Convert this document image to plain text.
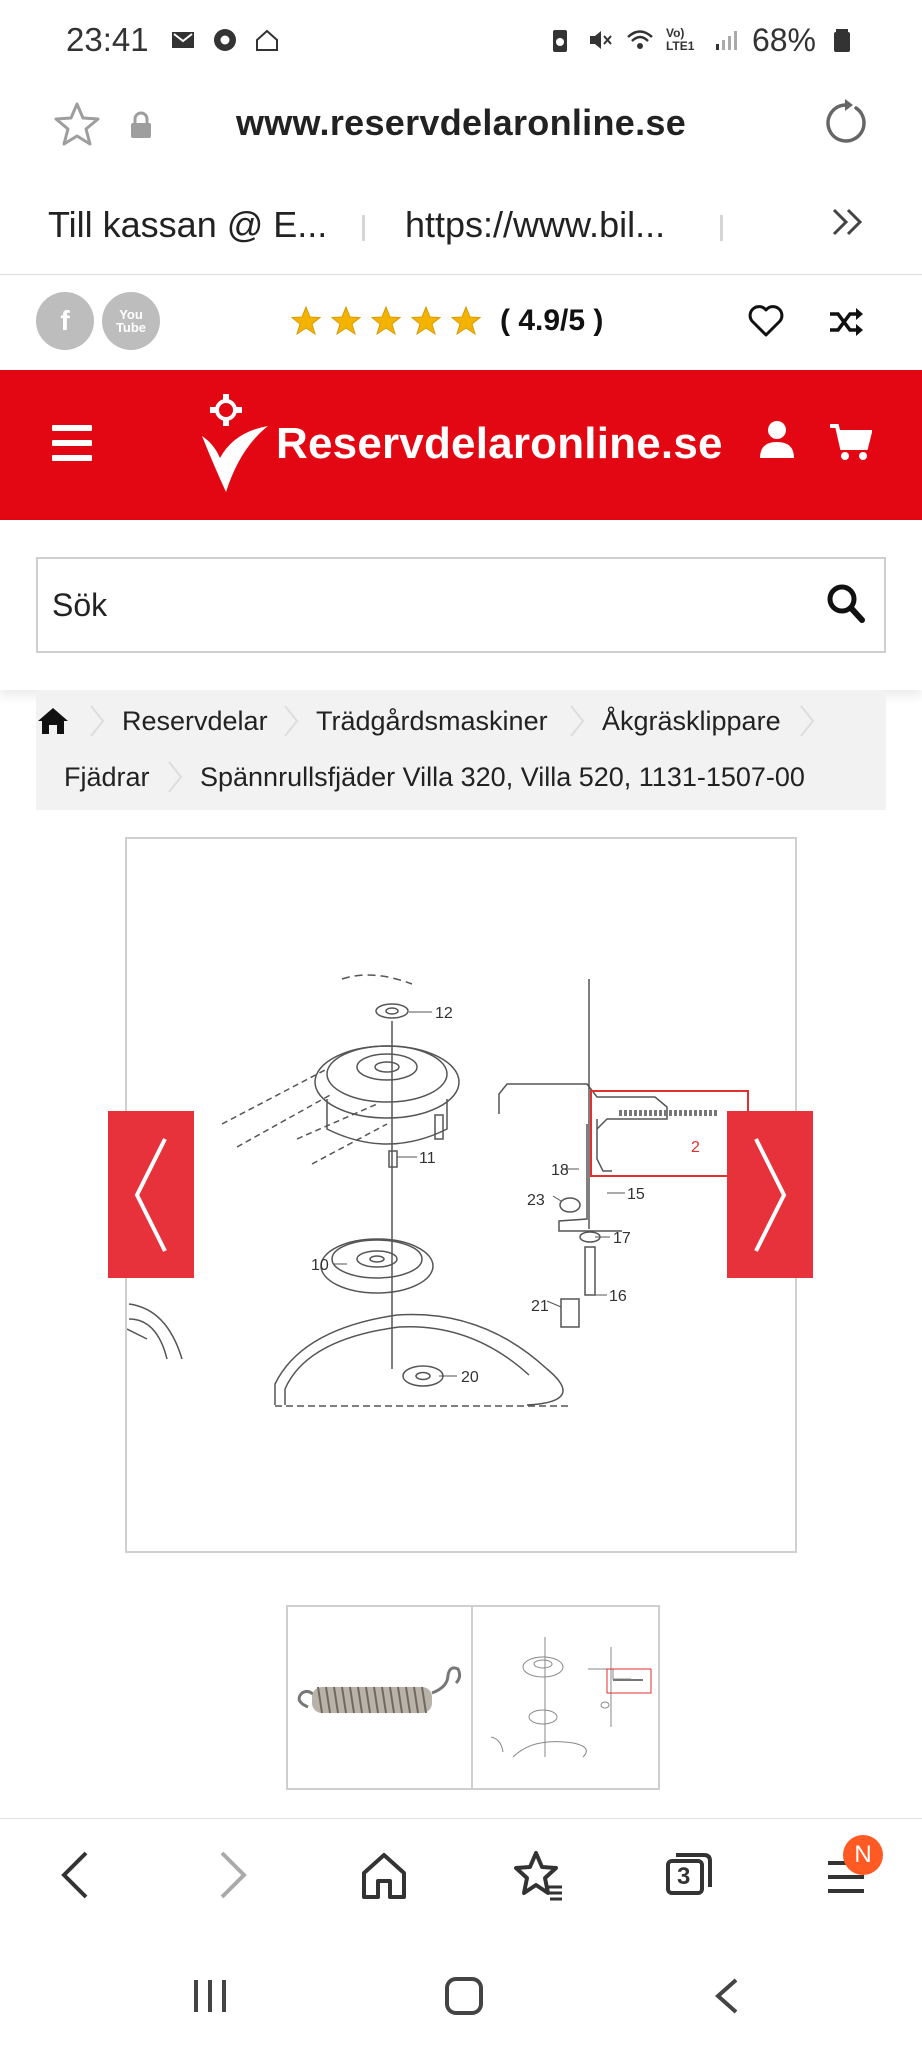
23:41	Vo) LTE1 68%
www.reservdelaronline.se
Till kassan @ E... https://www.bil...
f	You
Tube	( 4.9/5 )
Reservdelaronline.se
Sök
Reservdelar Trädgårdsmaskiner Åkgräsklippare
Fjädrar Spännrullsfjäder Villa 320, Villa 520, 1131-1507-00
12
11
10
18
23	15
17
16
21
20
2
3
N
